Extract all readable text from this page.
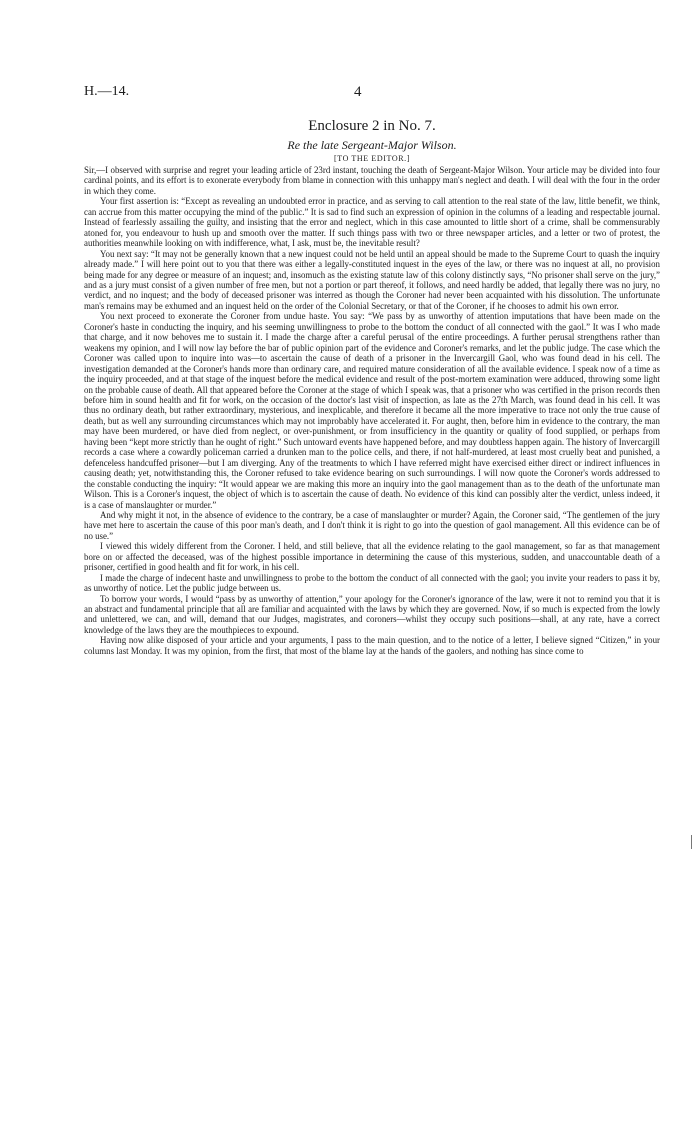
H.—14.	4
Enclosure 2 in No. 7.
Re the late Sergeant-Major Wilson.
[TO THE EDITOR.]

Sir,—I observed with surprise and regret your leading article of 23rd instant, touching the death of Sergeant-Major Wilson. Your article may be divided into four cardinal points, and its effort is to exonerate everybody from blame in connection with this unhappy man's neglect and death. I will deal with the four in the order in which they come.

Your first assertion is: “Except as revealing an undoubted error in practice, and as serving to call attention to the real state of the law, little benefit, we think, can accrue from this matter occupying the mind of the public.” It is sad to find such an expression of opinion in the columns of a leading and respectable journal. Instead of fearlessly assailing the guilty, and insisting that the error and neglect, which in this case amounted to little short of a crime, shall be commensurably atoned for, you endeavour to hush up and smooth over the matter. If such things pass with two or three newspaper articles, and a letter or two of protest, the authorities meanwhile looking on with indifference, what, I ask, must be, the inevitable result?

You next say: “It may not be generally known that a new inquest could not be held until an appeal should be made to the Supreme Court to quash the inquiry already made.” I will here point out to you that there was either a legally-constituted inquest in the eyes of the law, or there was no inquest at all, no provision being made for any degree or measure of an inquest; and, insomuch as the existing statute law of this colony distinctly says, “No prisoner shall serve on the jury,” and as a jury must consist of a given number of free men, but not a portion or part thereof, it follows, and need hardly be added, that legally there was no jury, no verdict, and no inquest; and the body of deceased prisoner was interred as though the Coroner had never been acquainted with his dissolution. The unfortunate man's remains may be exhumed and an inquest held on the order of the Colonial Secretary, or that of the Coroner, if he chooses to admit his own error.

You next proceed to exonerate the Coroner from undue haste. You say: “We pass by as unworthy of attention imputations that have been made on the Coroner's haste in conducting the inquiry, and his seeming unwillingness to probe to the bottom the conduct of all connected with the gaol.” It was I who made that charge, and it now behoves me to sustain it. I made the charge after a careful perusal of the entire proceedings. A further perusal strengthens rather than weakens my opinion, and I will now lay before the bar of public opinion part of the evidence and Coroner's remarks, and let the public judge. The case which the Coroner was called upon to inquire into was—to ascertain the cause of death of a prisoner in the Invercargill Gaol, who was found dead in his cell. The investigation demanded at the Coroner's hands more than ordinary care, and required mature consideration of all the available evidence. I speak now of a time as the inquiry proceeded, and at that stage of the inquest before the medical evidence and result of the post-mortem examination were adduced, throwing some light on the probable cause of death. All that appeared before the Coroner at the stage of which I speak was, that a prisoner who was certified in the prison records then before him in sound health and fit for work, on the occasion of the doctor's last visit of inspection, as late as the 27th March, was found dead in his cell. It was thus no ordinary death, but rather extraordinary, mysterious, and inexplicable, and therefore it became all the more imperative to trace not only the true cause of death, but as well any surrounding circumstances which may not improbably have accelerated it. For aught, then, before him in evidence to the contrary, the man may have been murdered, or have died from neglect, or over-punishment, or from insufficiency in the quantity or quality of food supplied, or perhaps from having been “kept more strictly than he ought of right.” Such untoward events have happened before, and may doubtless happen again. The history of Invercargill records a case where a cowardly policeman carried a drunken man to the police cells, and there, if not half-murdered, at least most cruelly beat and punished, a defenceless handcuffed prisoner—but I am diverging. Any of the treatments to which I have referred might have exercised either direct or indirect influences in causing death; yet, notwithstanding this, the Coroner refused to take evidence bearing on such surroundings. I will now quote the Coroner's words addressed to the constable conducting the inquiry: “It would appear we are making this more an inquiry into the gaol management than as to the death of the unfortunate man Wilson. This is a Coroner's inquest, the object of which is to ascertain the cause of death. No evidence of this kind can possibly alter the verdict, unless indeed, it is a case of manslaughter or murder.”

And why might it not, in the absence of evidence to the contrary, be a case of manslaughter or murder? Again, the Coroner said, “The gentlemen of the jury have met here to ascertain the cause of this poor man's death, and I don't think it is right to go into the question of gaol management. All this evidence can be of no use.”

I viewed this widely different from the Coroner. I held, and still believe, that all the evidence relating to the gaol management, so far as that management bore on or affected the deceased, was of the highest possible importance in determining the cause of this mysterious, sudden, and unaccountable death of a prisoner, certified in good health and fit for work, in his cell.

I made the charge of indecent haste and unwillingness to probe to the bottom the conduct of all connected with the gaol; you invite your readers to pass it by, as unworthy of notice. Let the public judge between us.

To borrow your words, I would “pass by as unworthy of attention,” your apology for the Coroner's ignorance of the law, were it not to remind you that it is an abstract and fundamental principle that all are familiar and acquainted with the laws by which they are governed. Now, if so much is expected from the lowly and unlettered, we can, and will, demand that our Judges, magistrates, and coroners—whilst they occupy such positions—shall, at any rate, have a correct knowledge of the laws they are the mouthpieces to expound.

Having now alike disposed of your article and your arguments, I pass to the main question, and to the notice of a letter, I believe signed “Citizen,” in your columns last Monday. It was my opinion, from the first, that most of the blame lay at the hands of the gaolers, and nothing has since come to
